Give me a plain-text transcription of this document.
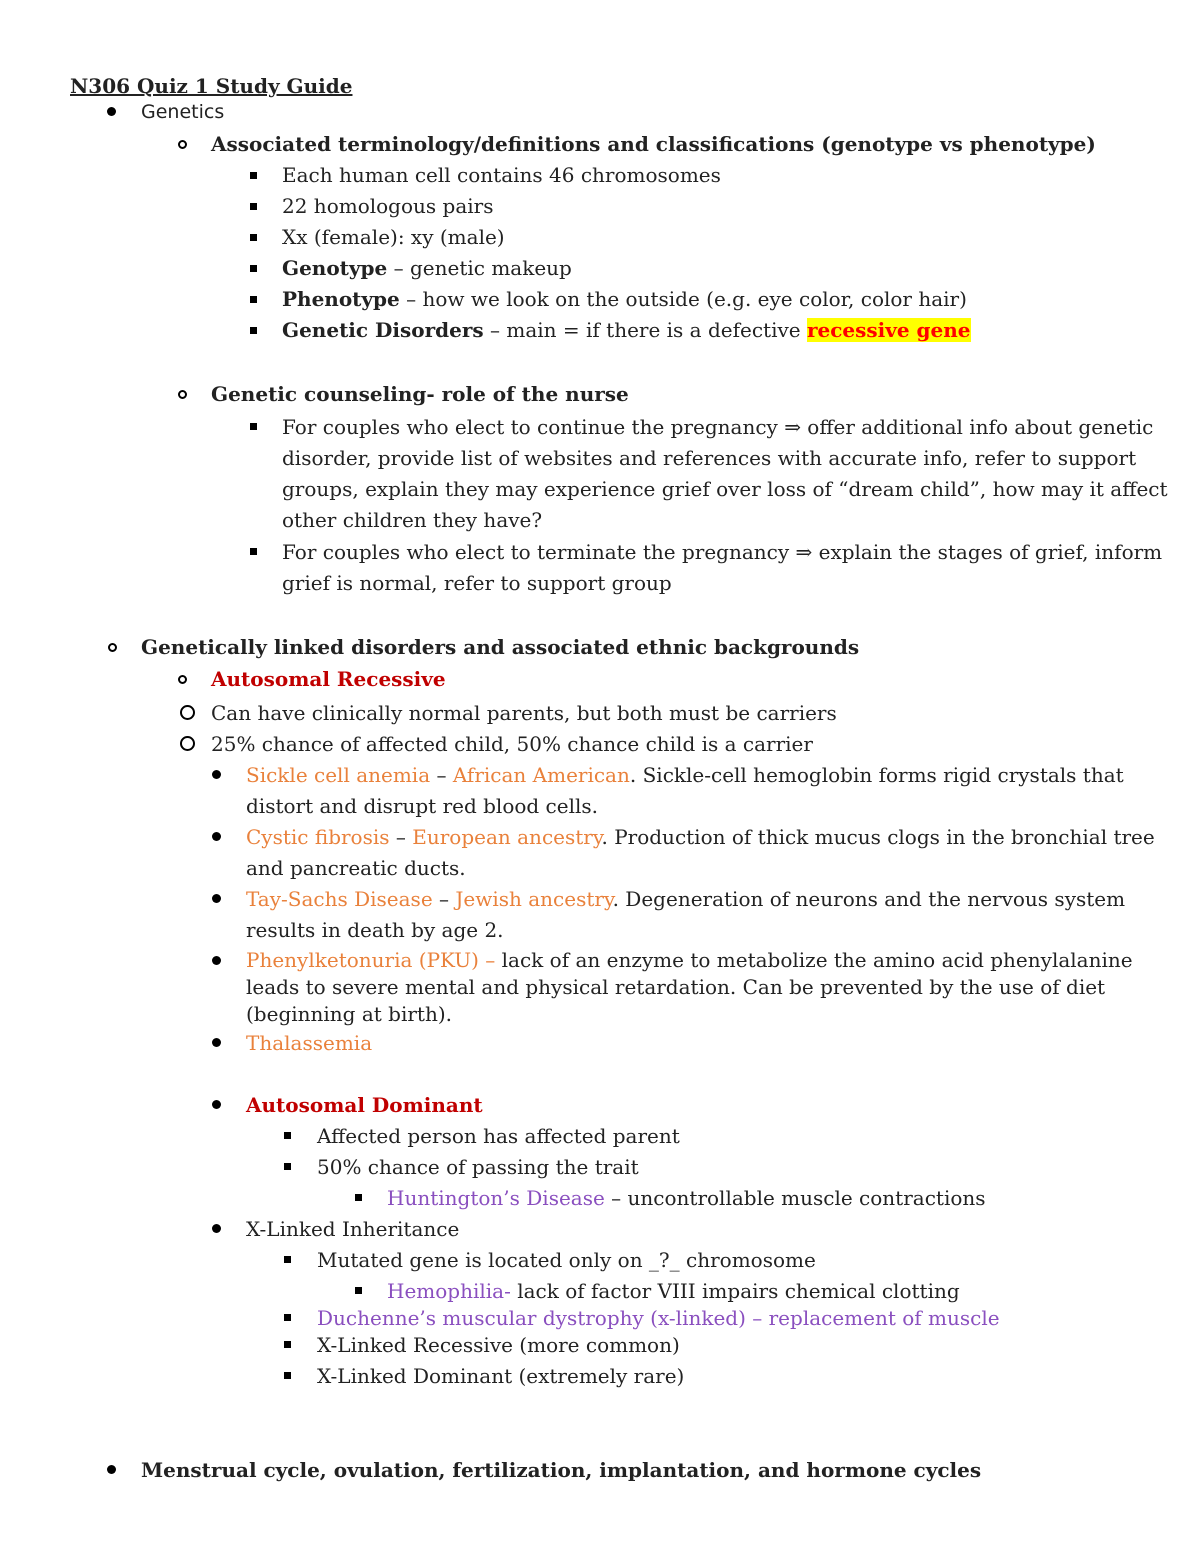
N306 Quiz 1 Study Guide
Genetics
Associated terminology/definitions and classifications (genotype vs phenotype)
Each human cell contains 46 chromosomes
22 homologous pairs
Xx (female): xy (male)
Genotype – genetic makeup
Phenotype – how we look on the outside (e.g. eye color, color hair)
Genetic Disorders – main = if there is a defective recessive gene
Genetic counseling- role of the nurse
For couples who elect to continue the pregnancy ⇒ offer additional info about genetic
disorder, provide list of websites and references with accurate info, refer to support
groups, explain they may experience grief over loss of “dream child”, how may it affect
other children they have?
For couples who elect to terminate the pregnancy ⇒ explain the stages of grief, inform
grief is normal, refer to support group
Genetically linked disorders and associated ethnic backgrounds
Autosomal Recessive
Can have clinically normal parents, but both must be carriers
25% chance of affected child, 50% chance child is a carrier
Sickle cell anemia – African American. Sickle-cell hemoglobin forms rigid crystals that
distort and disrupt red blood cells.
Cystic fibrosis – European ancestry. Production of thick mucus clogs in the bronchial tree
and pancreatic ducts.
Tay-Sachs Disease – Jewish ancestry. Degeneration of neurons and the nervous system
results in death by age 2.
Phenylketonuria (PKU) – lack of an enzyme to metabolize the amino acid phenylalanine
leads to severe mental and physical retardation. Can be prevented by the use of diet
(beginning at birth).
Thalassemia
Autosomal Dominant
Affected person has affected parent
50% chance of passing the trait
Huntington’s Disease – uncontrollable muscle contractions
X-Linked Inheritance
Mutated gene is located only on _?_ chromosome
Hemophilia- lack of factor VIII impairs chemical clotting
Duchenne’s muscular dystrophy (x-linked) – replacement of muscle
X-Linked Recessive (more common)
X-Linked Dominant (extremely rare)
Menstrual cycle, ovulation, fertilization, implantation, and hormone cycles
